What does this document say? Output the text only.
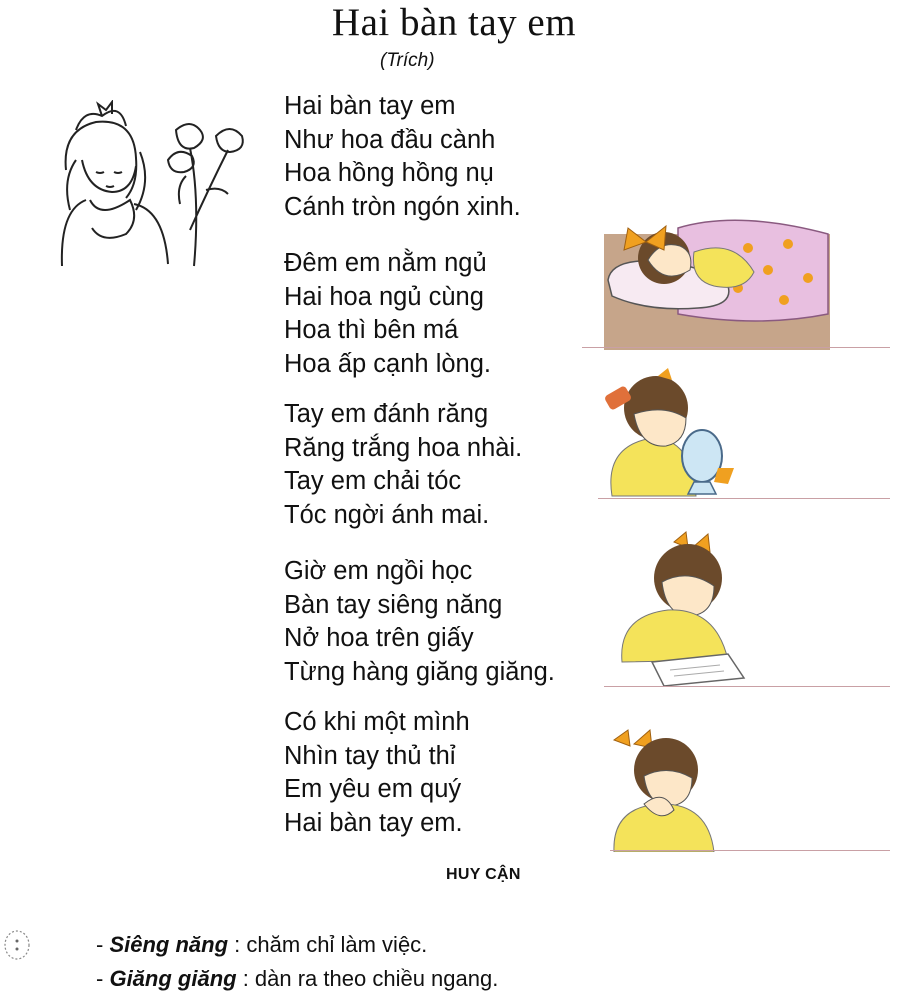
Hai bàn tay em
(Trích)

Hai bàn tay em
Như hoa đầu cành
Hoa hồng hồng nụ
Cánh tròn ngón xinh.

Đêm em nằm ngủ
Hai hoa ngủ cùng
Hoa thì bên má
Hoa ấp cạnh lòng.

Tay em đánh răng
Răng trắng hoa nhài.
Tay em chải tóc
Tóc ngời ánh mai.

Giờ em ngồi học
Bàn tay siêng năng
Nở hoa trên giấy
Từng hàng giăng giăng.

Có khi một mình
Nhìn tay thủ thỉ
Em yêu em quý
Hai bàn tay em.

HUY CẬN
- Siêng năng : chăm chỉ làm việc.
- Giăng giăng : dàn ra theo chiều ngang.
